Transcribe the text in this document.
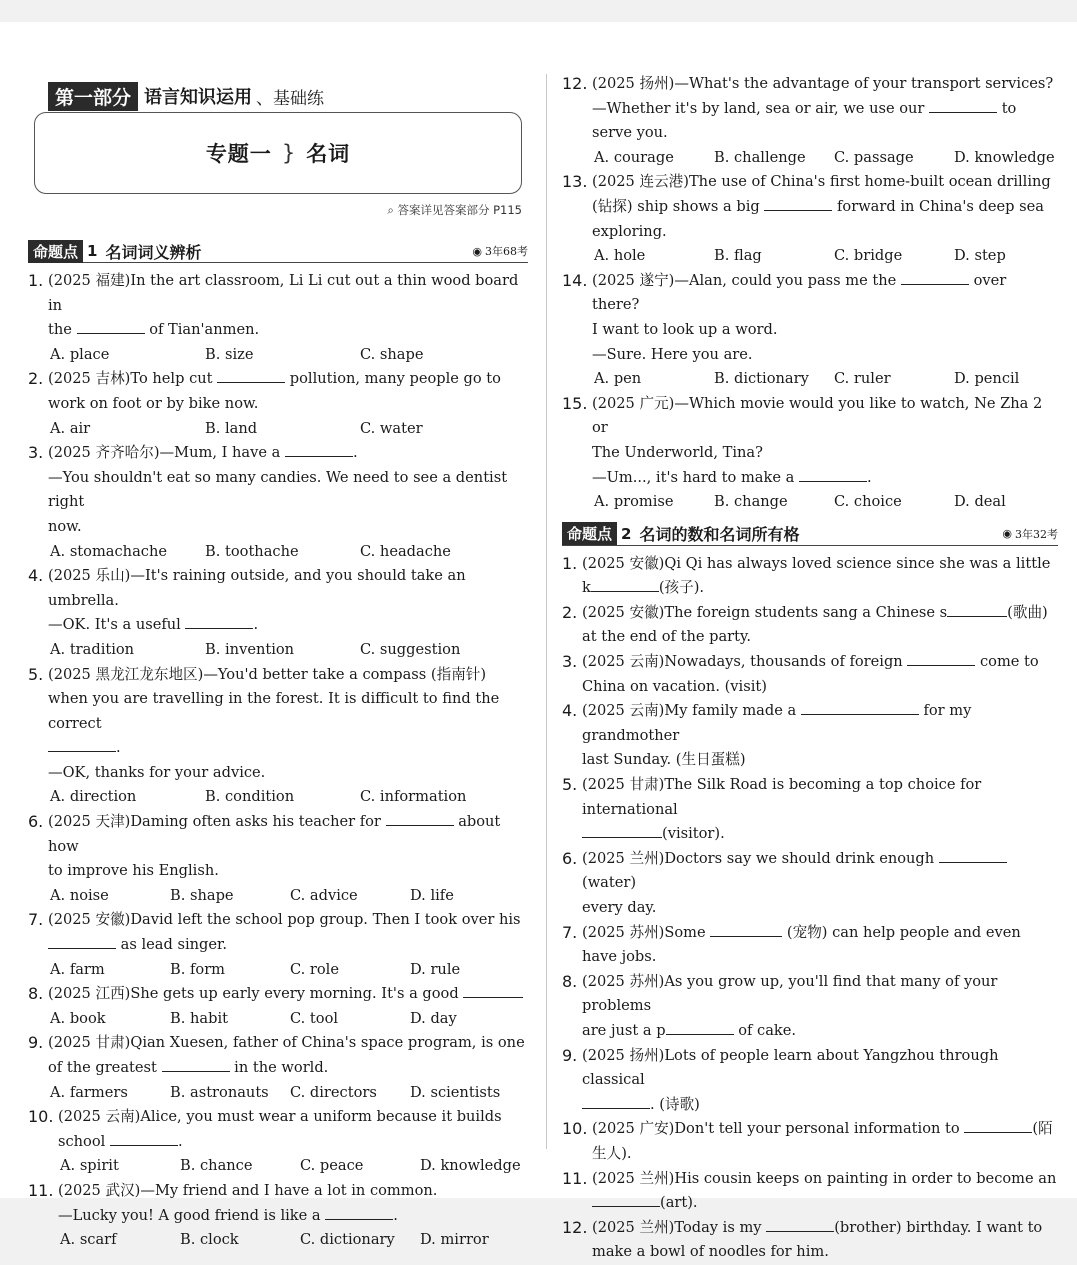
第一部分 语言知识运用 、基础练
专题一 } 名词
⌕ 答案详见答案部分 P115
命题点 1 名词词义辨析	◉ 3年68考
1. (2025 福建)In the art classroom, Li Li cut out a thin wood board in
the	of Tian'anmen.
A. place	B. size	C. shape
2. (2025 吉林)To help cut	pollution, many people go to
work on foot or by bike now.
A. air	B. land	C. water
3. (2025 齐齐哈尔)—Mum, I have a	.
—You shouldn't eat so many candies. We need to see a dentist right
now.
A. stomachache	B. toothache	C. headache
4. (2025 乐山)—It's raining outside, and you should take an umbrella.
—OK. It's a useful	.
A. tradition	B. invention	C. suggestion
5. (2025 黑龙江龙东地区)—You'd better take a compass (指南针)
when you are travelling in the forest. It is difficult to find the correct
.
—OK, thanks for your advice.
A. direction	B. condition	C. information
6. (2025 天津)Daming often asks his teacher for	about how
to improve his English.
A. noise	B. shape	C. advice	D. life
7. (2025 安徽)David left the school pop group. Then I took over his
as lead singer.
A. farm	B. form	C. role	D. rule
8. (2025 江西)She gets up early every morning. It's a good
A. book	B. habit	C. tool	D. day
9. (2025 甘肃)Qian Xuesen, father of China's space program, is one
of the greatest	in the world.
A. farmers	B. astronauts	C. directors	D. scientists
10. (2025 云南)Alice, you must wear a uniform because it builds
school	.
A. spirit	B. chance	C. peace	D. knowledge
11. (2025 武汉)—My friend and I have a lot in common.
—Lucky you! A good friend is like a	.
A. scarf	B. clock	C. dictionary	D. mirror
12. (2025 扬州)—What's the advantage of your transport services?
—Whether it's by land, sea or air, we use our	to
serve you.
A. courage	B. challenge	C. passage	D. knowledge
13. (2025 连云港)The use of China's first home-built ocean drilling
(钻探) ship shows a big	forward in China's deep sea
exploring.
A. hole	B. flag	C. bridge	D. step
14. (2025 遂宁)—Alan, could you pass me the	over there?
I want to look up a word.
—Sure. Here you are.
A. pen	B. dictionary	C. ruler	D. pencil
15. (2025 广元)—Which movie would you like to watch, Ne Zha 2 or
The Underworld, Tina?
—Um..., it's hard to make a	.
A. promise	B. change	C. choice	D. deal
命题点 2 名词的数和名词所有格	◉ 3年32考
1. (2025 安徽)Qi Qi has always loved science since she was a little
k	(孩子).
2. (2025 安徽)The foreign students sang a Chinese s	(歌曲)
at the end of the party.
3. (2025 云南)Nowadays, thousands of foreign	come to
China on vacation. (visit)
4. (2025 云南)My family made a	for my grandmother
last Sunday. (生日蛋糕)
5. (2025 甘肃)The Silk Road is becoming a top choice for international
(visitor).
6. (2025 兰州)Doctors say we should drink enough (water)
every day.
7. (2025 苏州)Some	(宠物) can help people and even
have jobs.
8. (2025 苏州)As you grow up, you'll find that many of your problems
are just a p	of cake.
9. (2025 扬州)Lots of people learn about Yangzhou through classical
. (诗歌)
10. (2025 广安)Don't tell your personal information to	(陌
生人).
11. (2025 兰州)His cousin keeps on painting in order to become an
(art).
12. (2025 兰州)Today is my	(brother) birthday. I want to
make a bowl of noodles for him.
